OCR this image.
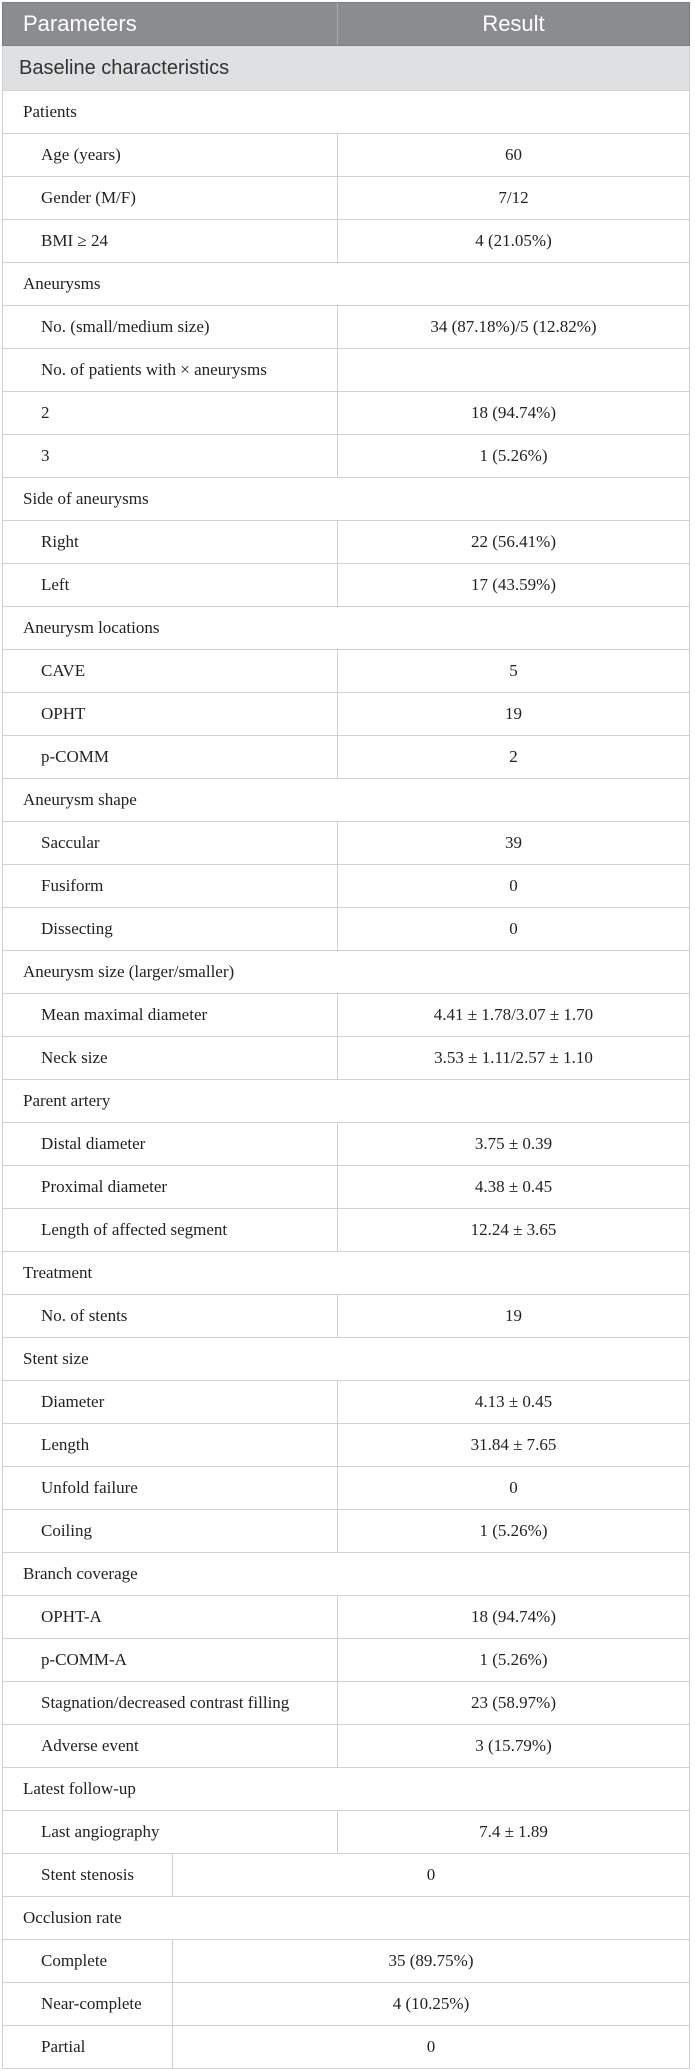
Parameters	Result
Baseline characteristics
Patients
Age (years)	60
Gender (M/F)	7/12
BMI ≥ 24	4 (21.05%)
Aneurysms
No. (small/medium size)	34 (87.18%)/5 (12.82%)
No. of patients with × aneurysms
2	18 (94.74%)
3	1 (5.26%)
Side of aneurysms
Right	22 (56.41%)
Left	17 (43.59%)
Aneurysm locations
CAVE	5
OPHT	19
p-COMM	2
Aneurysm shape
Saccular	39
Fusiform	0
Dissecting	0
Aneurysm size (larger/smaller)
Mean maximal diameter	4.41 ± 1.78/3.07 ± 1.70
Neck size	3.53 ± 1.11/2.57 ± 1.10
Parent artery
Distal diameter	3.75 ± 0.39
Proximal diameter	4.38 ± 0.45
Length of affected segment	12.24 ± 3.65
Treatment
No. of stents	19
Stent size
Diameter	4.13 ± 0.45
Length	31.84 ± 7.65
Unfold failure	0
Coiling	1 (5.26%)
Branch coverage
OPHT-A	18 (94.74%)
p-COMM-A	1 (5.26%)
Stagnation/decreased contrast filling	23 (58.97%)
Adverse event	3 (15.79%)
Latest follow-up
Last angiography	7.4 ± 1.89
Stent stenosis	0
Occlusion rate
Complete	35 (89.75%)
Near-complete	4 (10.25%)
Partial	0
